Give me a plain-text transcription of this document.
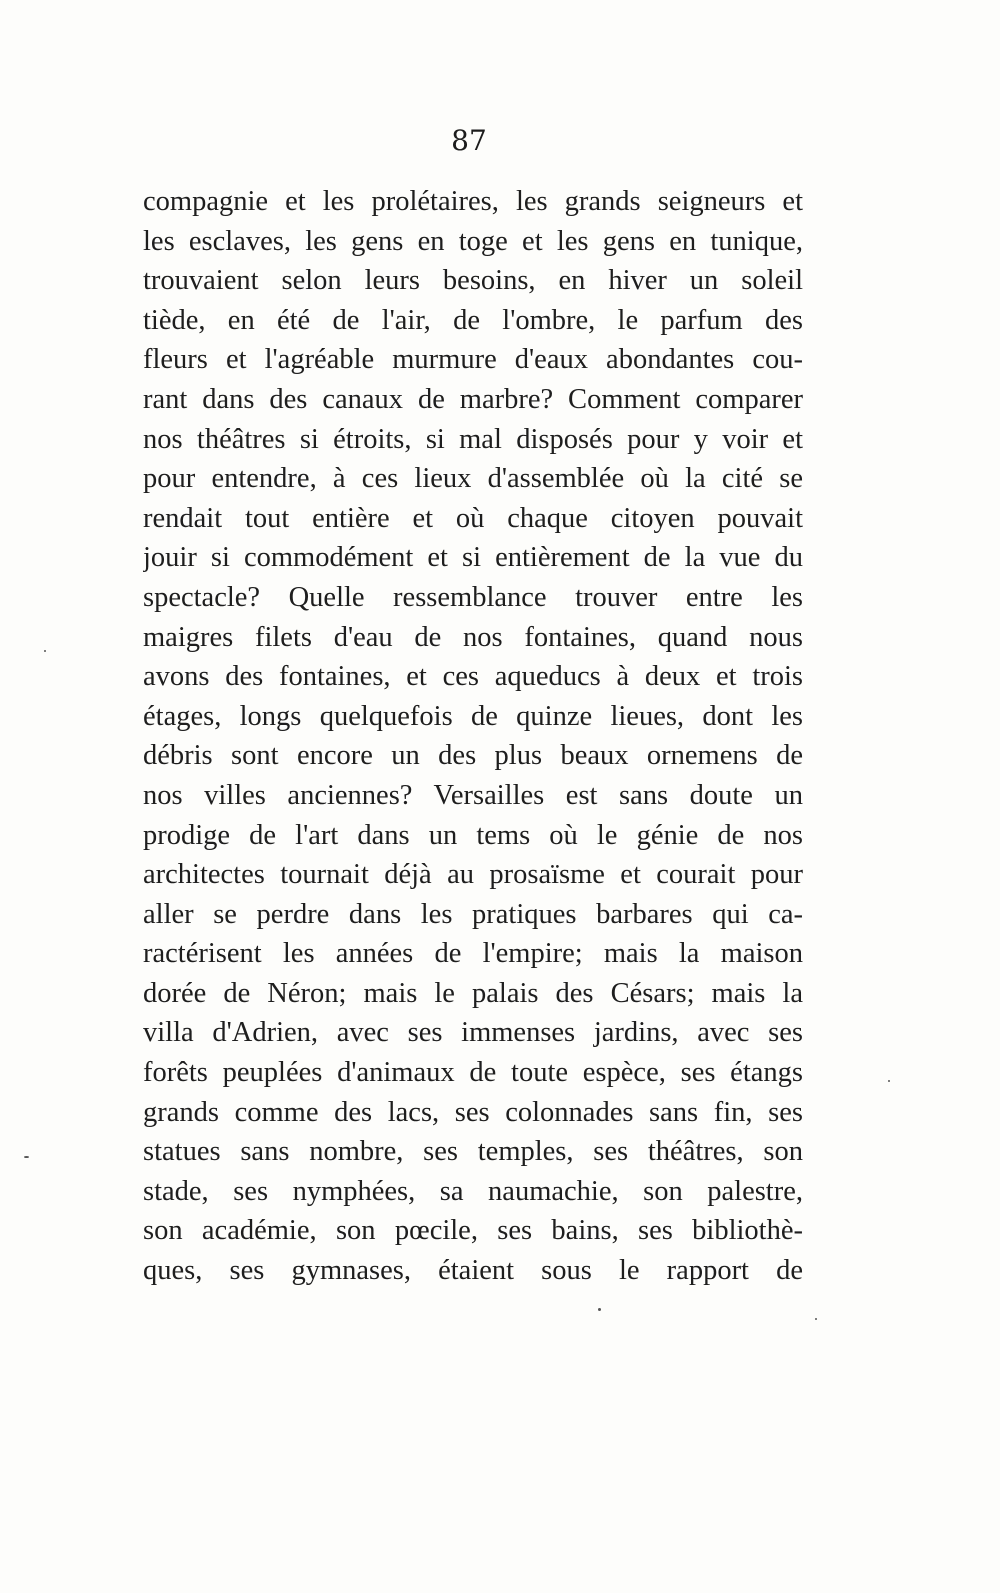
87
compagnie et les prolétaires, les grands seigneurs et
les esclaves, les gens en toge et les gens en tunique,
trouvaient selon leurs besoins, en hiver un soleil
tiède, en été de l'air, de l'ombre, le parfum des
fleurs et l'agréable murmure d'eaux abondantes cou-
rant dans des canaux de marbre? Comment comparer
nos théâtres si étroits, si mal disposés pour y voir et
pour entendre, à ces lieux d'assemblée où la cité se
rendait tout entière et où chaque citoyen pouvait
jouir si commodément et si entièrement de la vue du
spectacle? Quelle ressemblance trouver entre les
maigres filets d'eau de nos fontaines, quand nous
avons des fontaines, et ces aqueducs à deux et trois
étages, longs quelquefois de quinze lieues, dont les
débris sont encore un des plus beaux ornemens de
nos villes anciennes? Versailles est sans doute un
prodige de l'art dans un tems où le génie de nos
architectes tournait déjà au prosaïsme et courait pour
aller se perdre dans les pratiques barbares qui ca-
ractérisent les années de l'empire; mais la maison
dorée de Néron; mais le palais des Césars; mais la
villa d'Adrien, avec ses immenses jardins, avec ses
forêts peuplées d'animaux de toute espèce, ses étangs
grands comme des lacs, ses colonnades sans fin, ses
statues sans nombre, ses temples, ses théâtres, son
stade, ses nymphées, sa naumachie, son palestre,
son académie, son pœcile, ses bains, ses bibliothè-
ques, ses gymnases, étaient sous le rapport de
